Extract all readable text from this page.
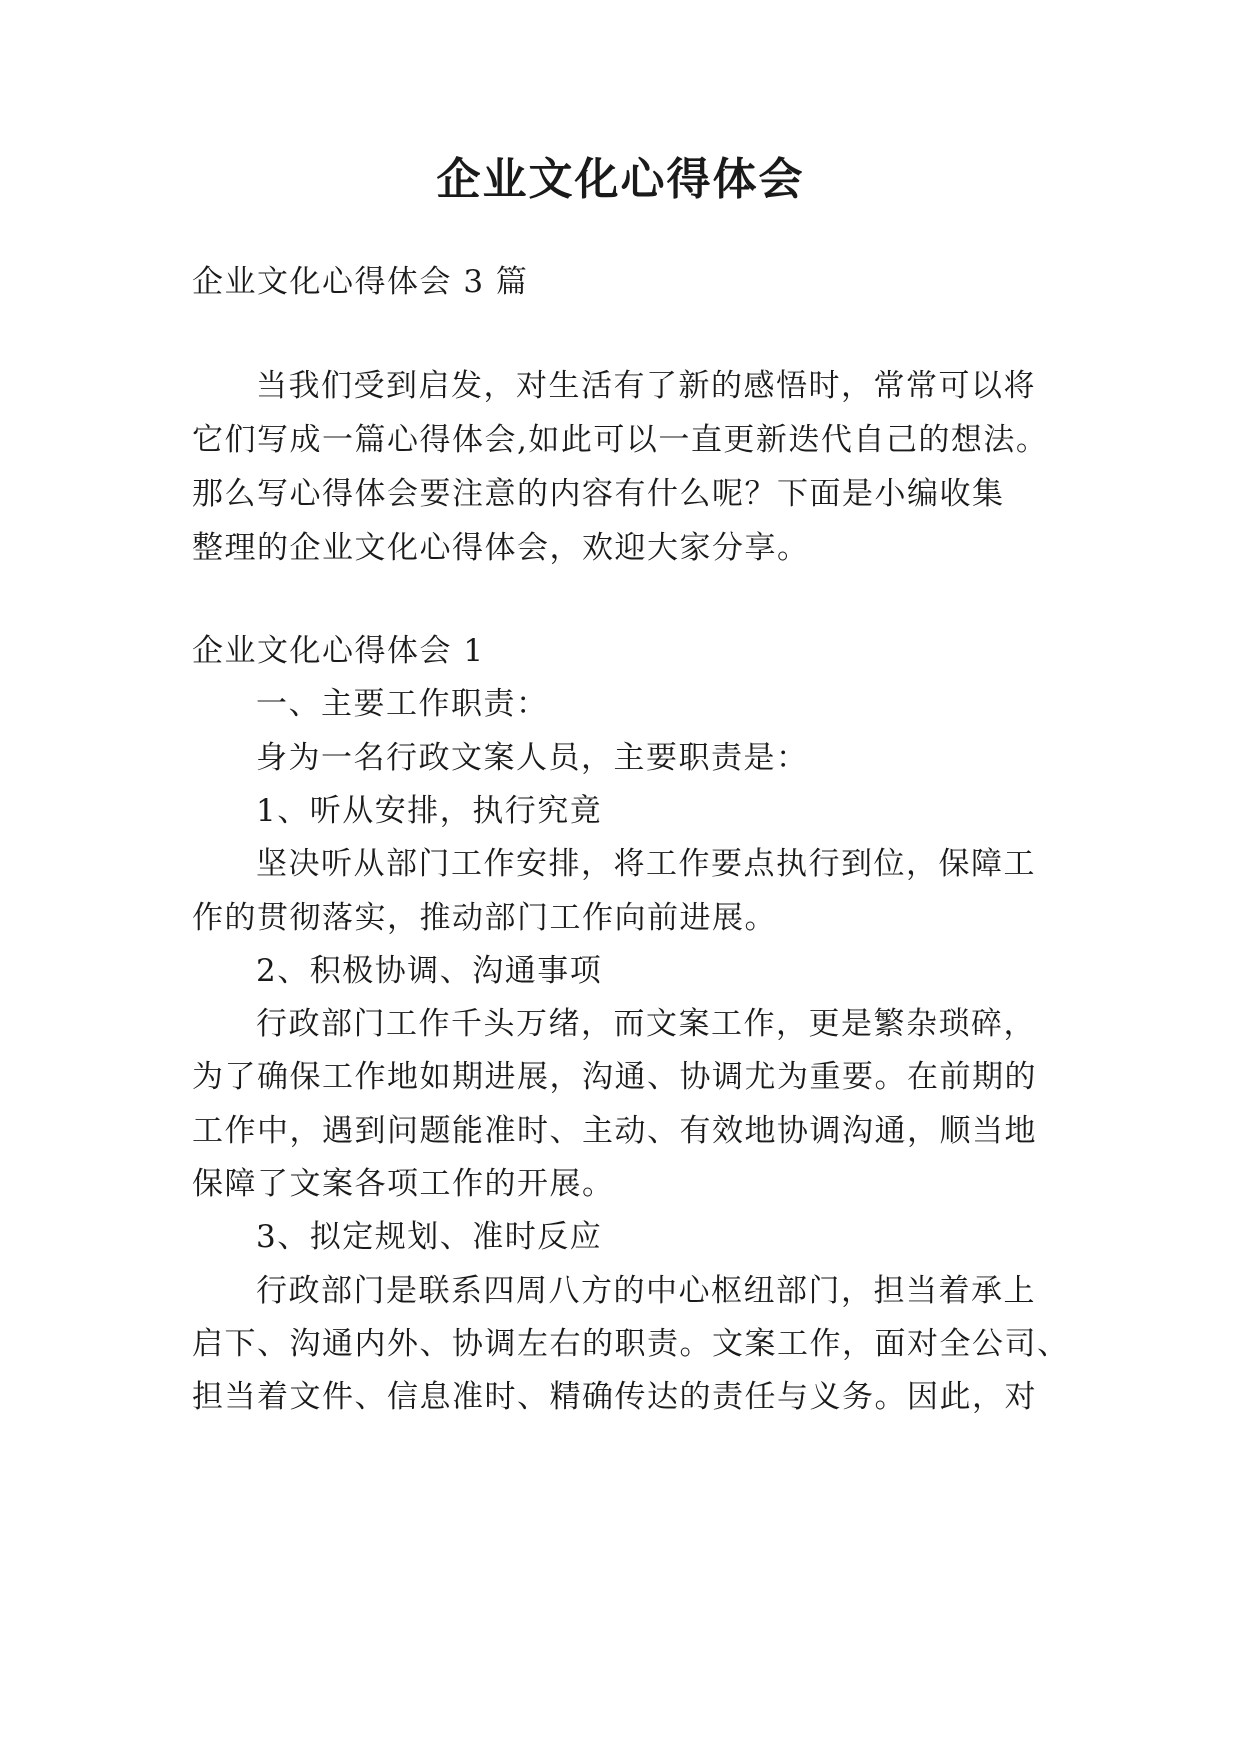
企业文化心得体会
企业文化心得体会 3 篇
当我们受到启发，对生活有了新的感悟时，常常可以将
它们写成一篇心得体会,如此可以一直更新迭代自己的想法。
那么写心得体会要注意的内容有什么呢？下面是小编收集
整理的企业文化心得体会，欢迎大家分享。
企业文化心得体会 1
一、主要工作职责：
身为一名行政文案人员，主要职责是：
1、听从安排，执行究竟
坚决听从部门工作安排，将工作要点执行到位，保障工
作的贯彻落实，推动部门工作向前进展。
2、积极协调、沟通事项
行政部门工作千头万绪，而文案工作，更是繁杂琐碎，
为了确保工作地如期进展，沟通、协调尤为重要。在前期的
工作中，遇到问题能准时、主动、有效地协调沟通，顺当地
保障了文案各项工作的开展。
3、拟定规划、准时反应
行政部门是联系四周八方的中心枢纽部门，担当着承上
启下、沟通内外、协调左右的职责。文案工作，面对全公司、
担当着文件、信息准时、精确传达的责任与义务。因此，对
